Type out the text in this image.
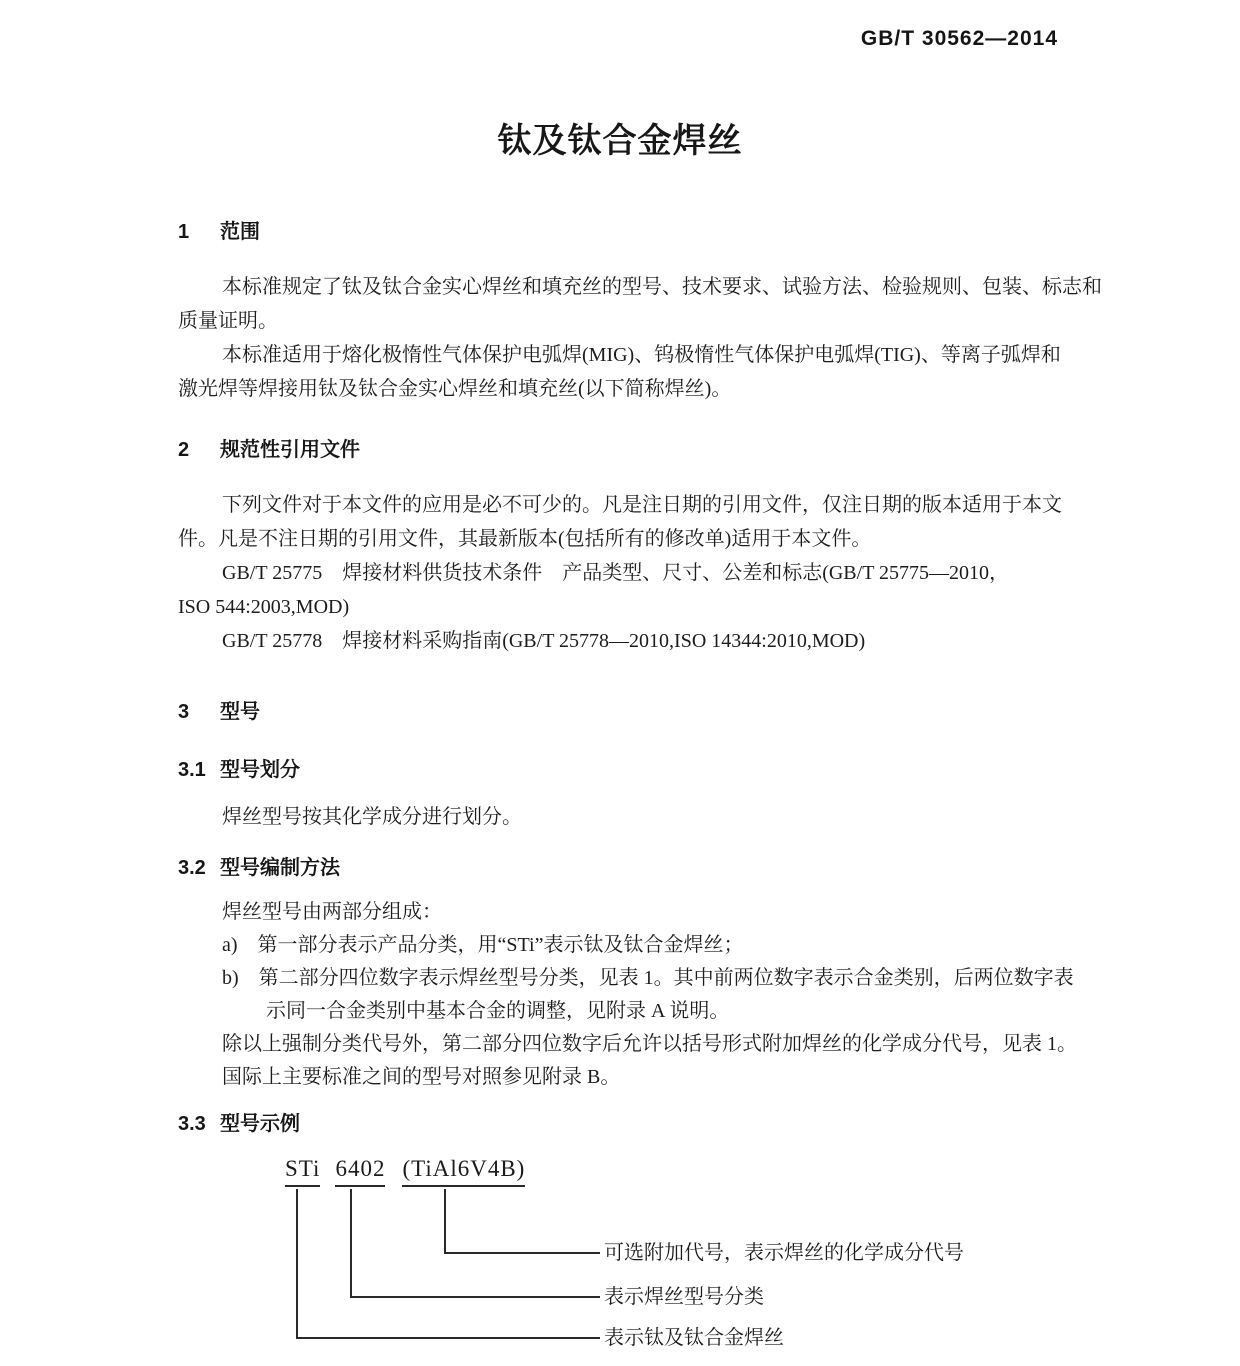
GB/T 30562—2014
钛及钛合金焊丝
1 范围

本标准规定了钛及钛合金实心焊丝和填充丝的型号、技术要求、试验方法、检验规则、包装、标志和

质量证明。

本标准适用于熔化极惰性气体保护电弧焊(MIG)、钨极惰性气体保护电弧焊(TIG)、等离子弧焊和

激光焊等焊接用钛及钛合金实心焊丝和填充丝(以下简称焊丝)。

2 规范性引用文件

下列文件对于本文件的应用是必不可少的。凡是注日期的引用文件，仅注日期的版本适用于本文

件。凡是不注日期的引用文件，其最新版本(包括所有的修改单)适用于本文件。

GB/T 25775　焊接材料供货技术条件　产品类型、尺寸、公差和标志(GB/T 25775—2010，

ISO 544:2003,MOD)

GB/T 25778　焊接材料采购指南(GB/T 25778—2010,ISO 14344:2010,MOD)

3 型号
3.1 型号划分

焊丝型号按其化学成分进行划分。

3.2 型号编制方法

焊丝型号由两部分组成：

a)　第一部分表示产品分类，用“STi”表示钛及钛合金焊丝；

b)　第二部分四位数字表示焊丝型号分类，见表 1。其中前两位数字表示合金类别，后两位数字表

示同一合金类别中基本合金的调整，见附录 A 说明。

除以上强制分类代号外，第二部分四位数字后允许以括号形式附加焊丝的化学成分代号，见表 1。

国际上主要标准之间的型号对照参见附录 B。

3.3 型号示例
STi 6402 (TiAl6V4B)
可选附加代号，表示焊丝的化学成分代号
表示焊丝型号分类
表示钛及钛合金焊丝
